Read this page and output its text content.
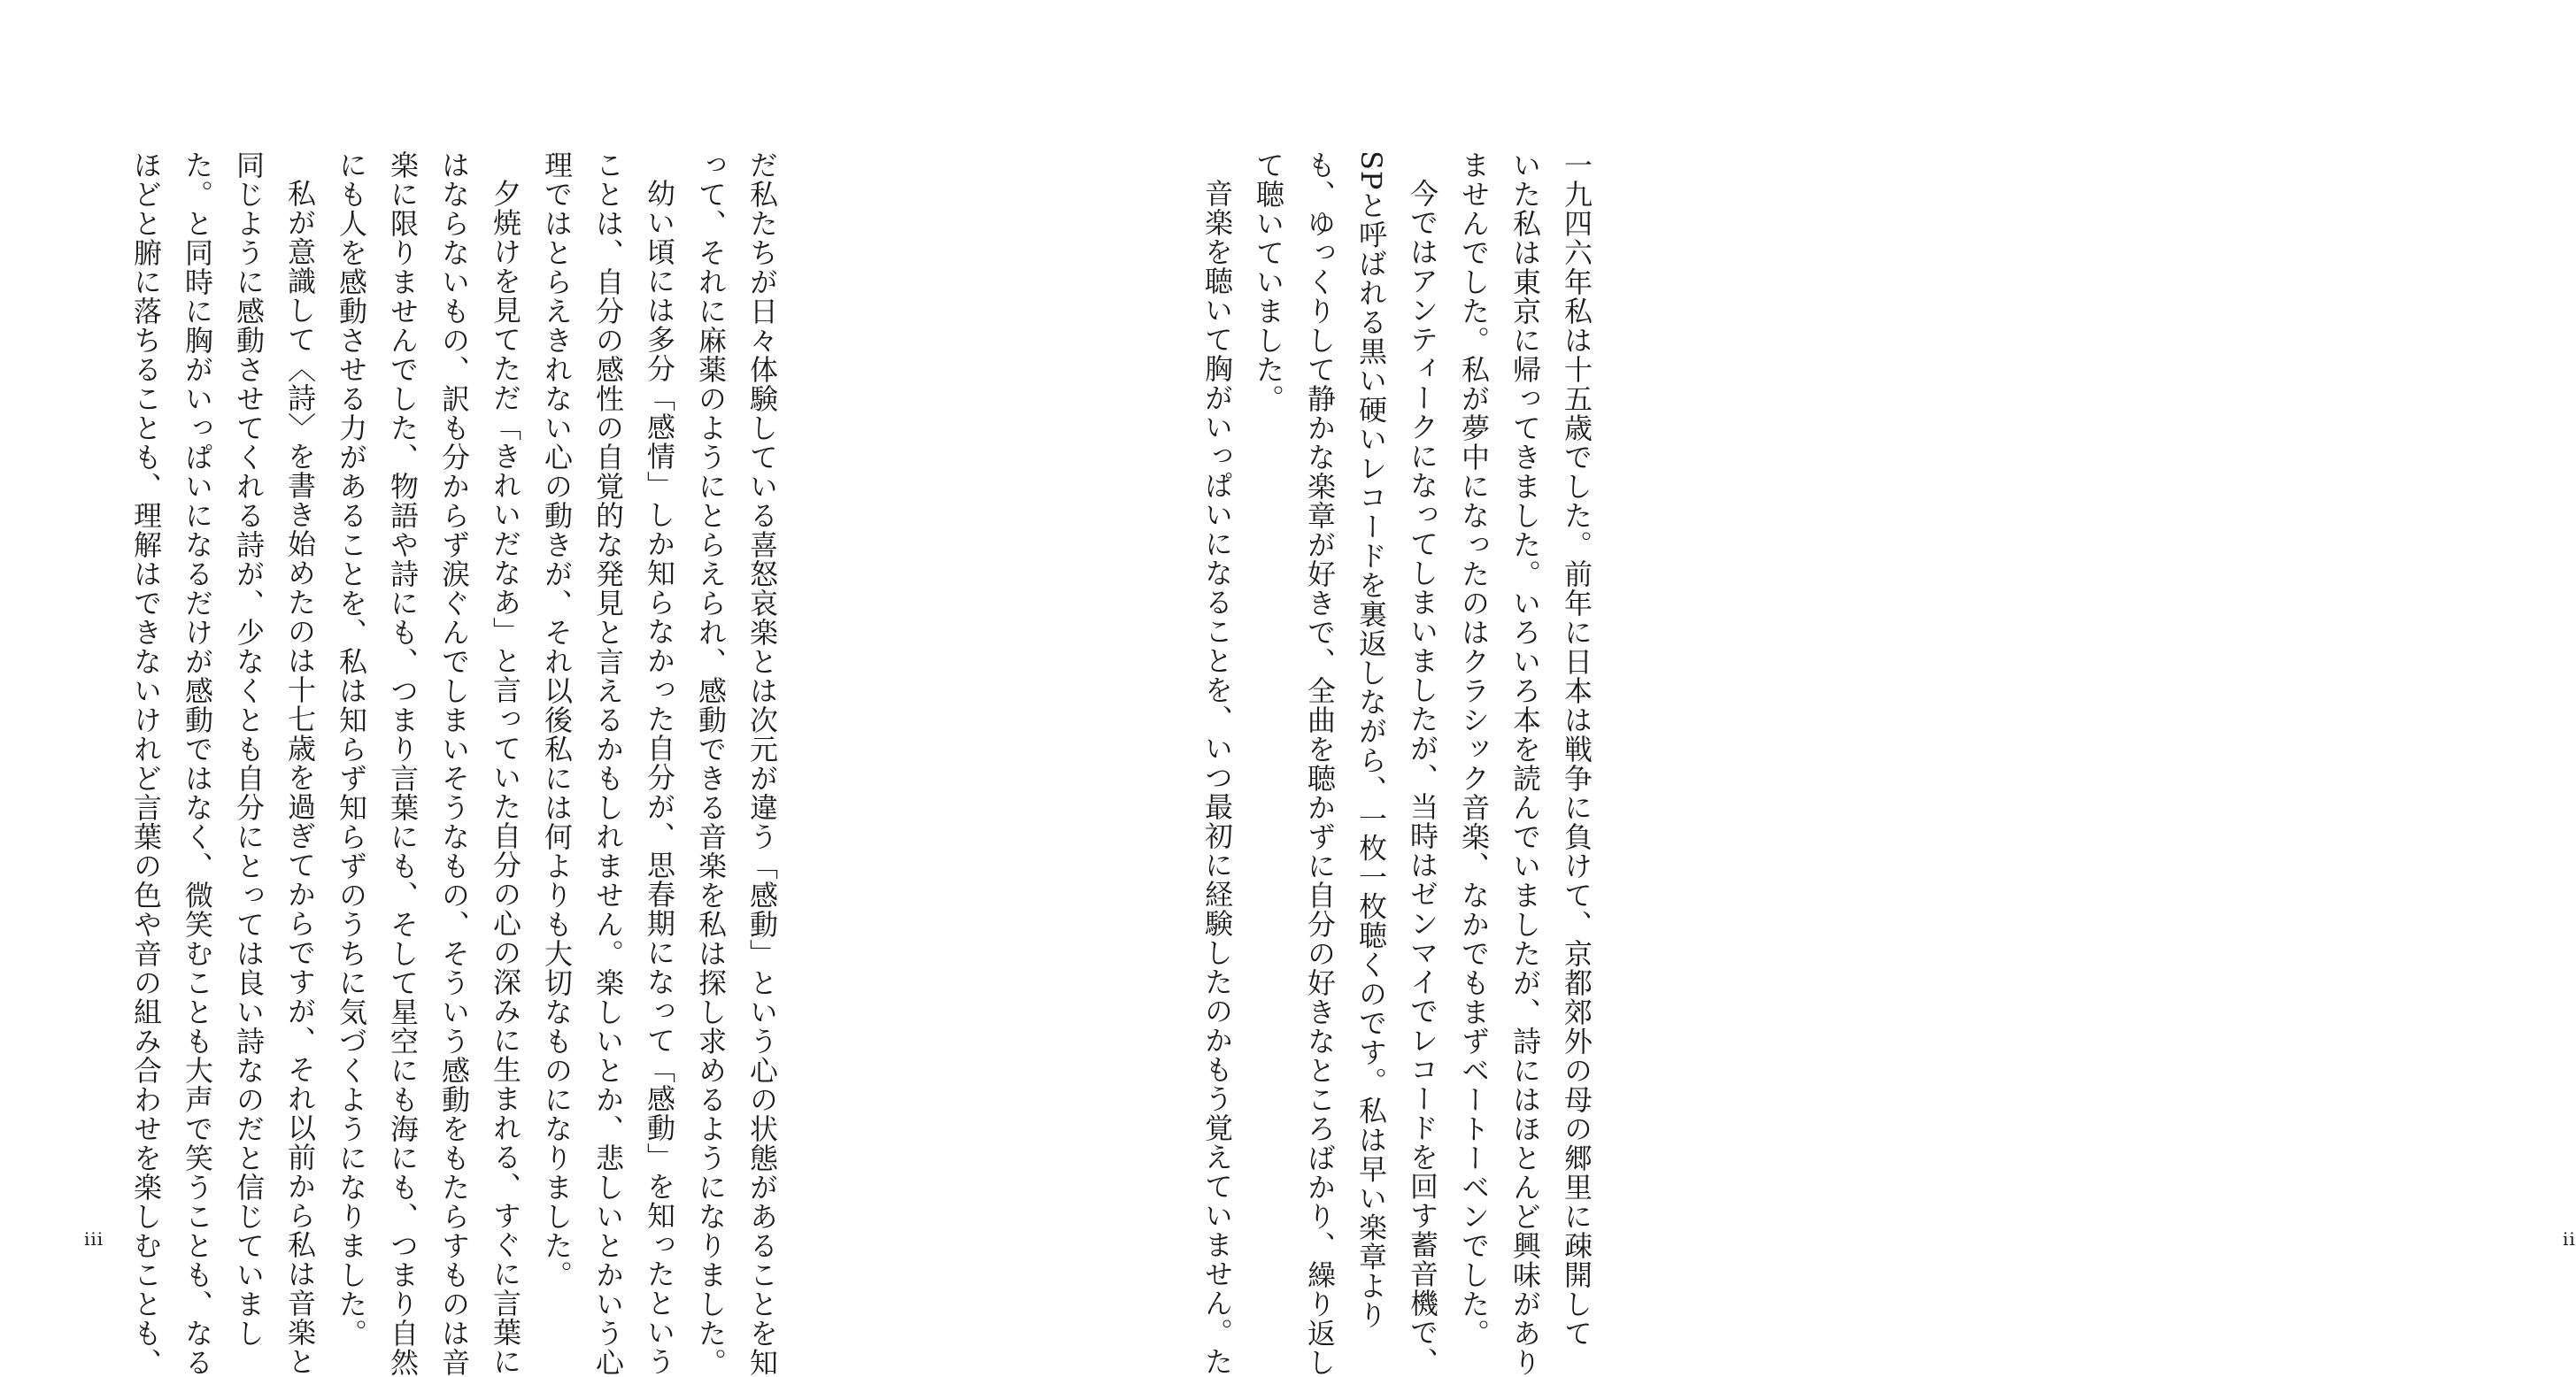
だ私たちが日々体験している喜怒哀楽とは次元が違う「感動」という心の状態があることを知

って、それに麻薬のようにとらえられ、感動できる音楽を私は探し求めるようになりました。

幼い頃には多分「感情」しか知らなかった自分が、思春期になって「感動」を知ったという

ことは、自分の感性の自覚的な発見と言えるかもしれません。楽しいとか、悲しいとかいう心

理ではとらえきれない心の動きが、それ以後私には何よりも大切なものになりました。

夕焼けを見てただ「きれいだなあ」と言っていた自分の心の深みに生まれる、すぐに言葉に

はならないもの、訳も分からず涙ぐんでしまいそうなもの、そういう感動をもたらすものは音

楽に限りませんでした、物語や詩にも、つまり言葉にも、そして星空にも海にも、つまり自然

にも人を感動させる力があることを、私は知らず知らずのうちに気づくようになりました。

私が意識して〈詩〉を書き始めたのは十七歳を過ぎてからですが、それ以前から私は音楽と

同じように感動させてくれる詩が、少なくとも自分にとっては良い詩なのだと信じていまし

た。と同時に胸がいっぱいになるだけが感動ではなく、微笑むことも大声で笑うことも、なる

ほどと腑に落ちることも、理解はできないけれど言葉の色や音の組み合わせを楽しむことも、

iii	一九四六年私は十五歳でした。前年に日本は戦争に負けて、京都郊外の母の郷里に疎開して

いた私は東京に帰ってきました。いろいろ本を読んでいましたが、詩にはほとんど興味があり

ませんでした。私が夢中になったのはクラシック音楽、なかでもまずベートーベンでした。

今ではアンティークになってしまいましたが、当時はゼンマイでレコードを回す蓄音機で、

SPと呼ばれる黒い硬いレコードを裏返しながら、一枚一枚聴くのです。私は早い楽章より

も、ゆっくりして静かな楽章が好きで、全曲を聴かずに自分の好きなところばかり、繰り返し

て聴いていました。

音楽を聴いて胸がいっぱいになることを、いつ最初に経験したのかもう覚えていません。た	ii
